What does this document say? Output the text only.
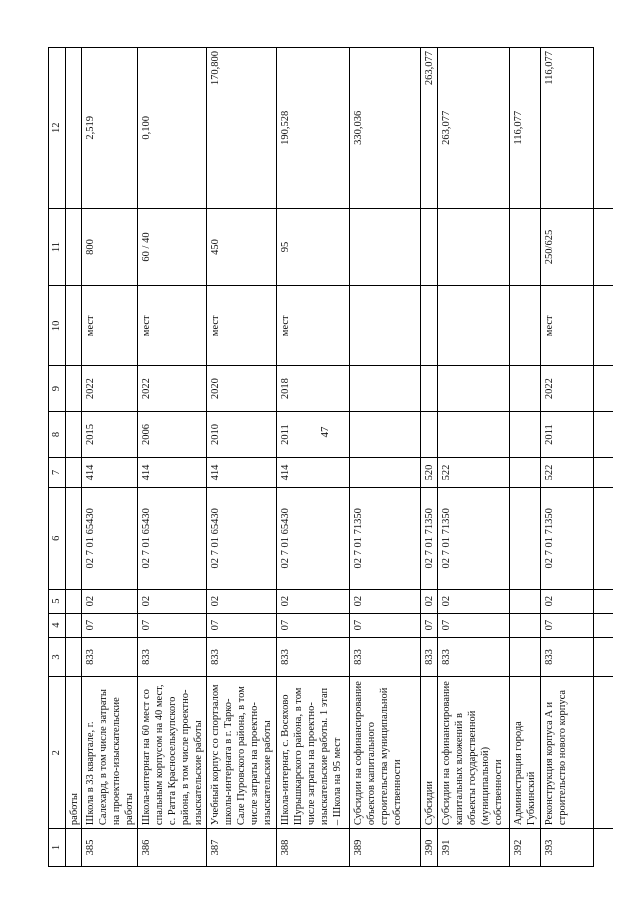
47
1
2
3
4
5
6
7
8
9
10
11
12
работы
385
Школа в 33 квартале, г. Салехард, в том числе затраты на проектно-изыскательские работы
833
07
02
02 7 01 65430
414
2015
2022
мест
800
2,519
386
Школа-интернат на 60 мест со спальным корпусом на 40 мест, с. Ратта Красноселькупского района, в том числе проектно-изыскательские работы
833
07
02
02 7 01 65430
414
2006
2022
мест
60 / 40
0,100
387
Учебный корпус со спортзалом школы-интерната в г. Тарко-Сале Пуровского района, в том числе затраты на проектно-изыскательские работы
833
07
02
02 7 01 65430
414
2010
2020
мест
450
170,800
388
Школа-интернат, с. Восяхово Шурышкарского района, в том числе затраты на проектно-изыскательские работы. 1 этап – Школа на 95 мест
833
07
02
02 7 01 65430
414
2011
2018
мест
95
190,528
389
Субсидии на софинансирование объектов капитального строительства муниципальной собственности
833
07
02
02 7 01 71350
330,036
390
Субсидии
833
07
02
02 7 01 71350
520
263,077
391
Субсидии на софинансирование капитальных вложений в объекты государственной (муниципальной) собственности
833
07
02
02 7 01 71350
522
263,077
392
Администрация города Губкинский
116,077
393
Реконструкция корпуса А и строительство нового корпуса
833
07
02
02 7 01 71350
522
2011
2022
мест
250/625
116,077
